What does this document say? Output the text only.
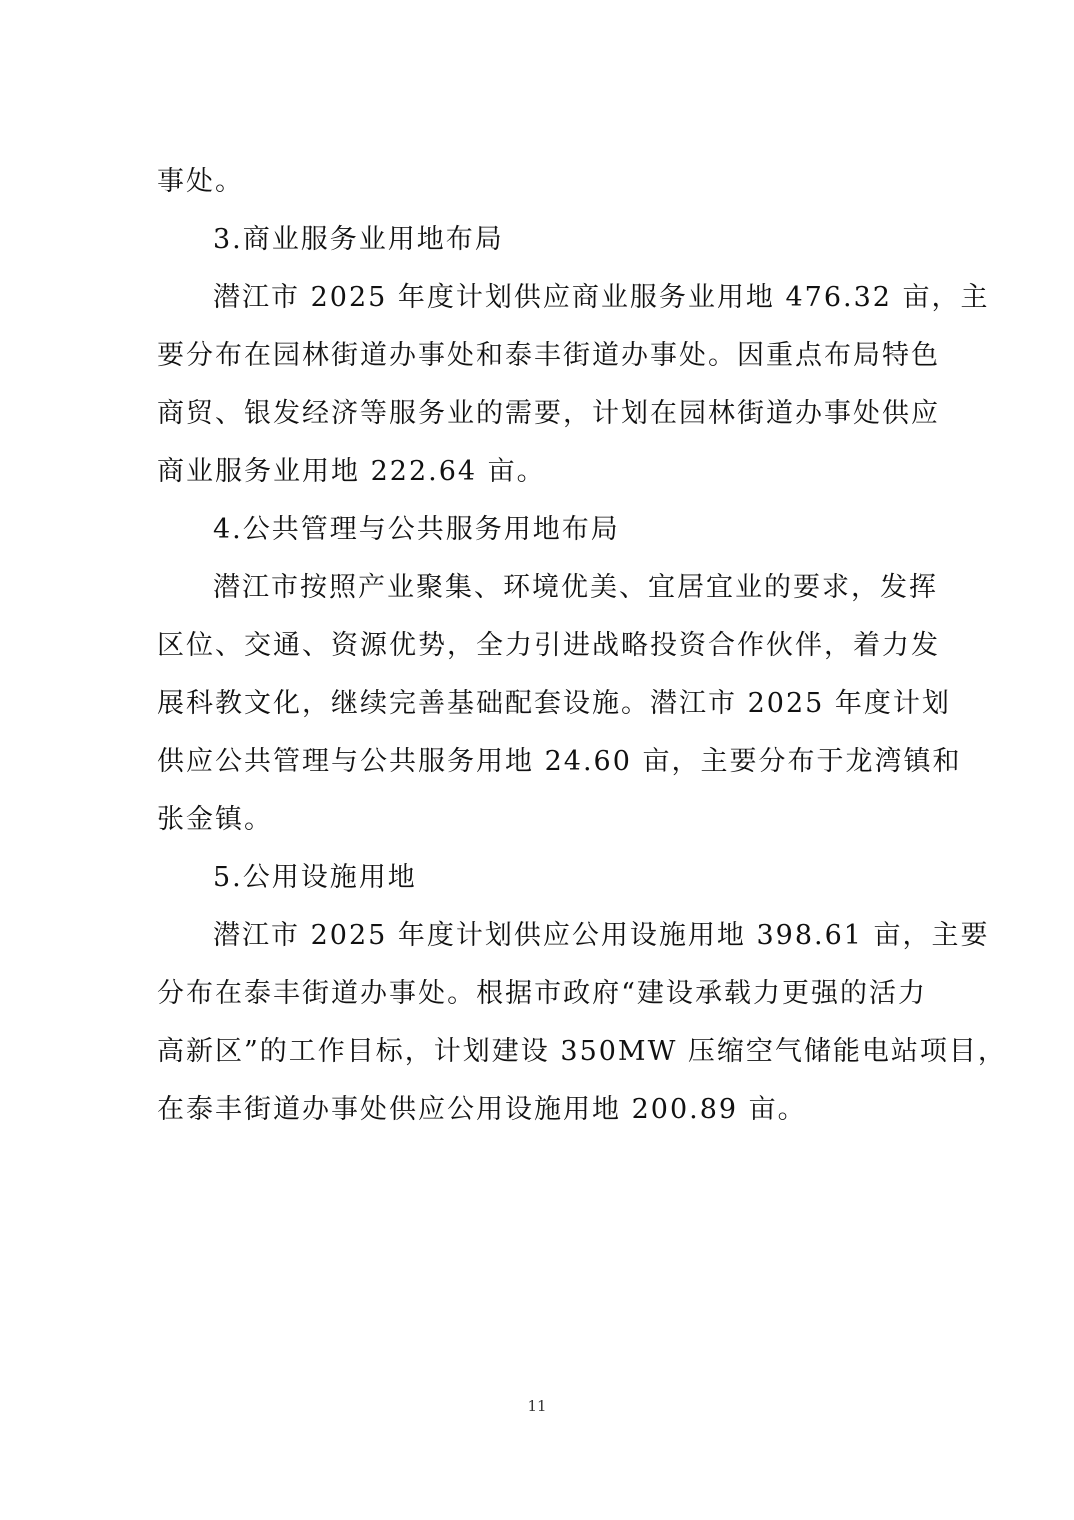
事处。
3.商业服务业用地布局
潜江市 2025 年度计划供应商业服务业用地 476.32 亩，主
要分布在园林街道办事处和泰丰街道办事处。因重点布局特色
商贸、银发经济等服务业的需要，计划在园林街道办事处供应
商业服务业用地 222.64 亩。
4.公共管理与公共服务用地布局
潜江市按照产业聚集、环境优美、宜居宜业的要求，发挥
区位、交通、资源优势，全力引进战略投资合作伙伴，着力发
展科教文化，继续完善基础配套设施。潜江市 2025 年度计划
供应公共管理与公共服务用地 24.60 亩，主要分布于龙湾镇和
张金镇。
5.公用设施用地
潜江市 2025 年度计划供应公用设施用地 398.61 亩，主要
分布在泰丰街道办事处。根据市政府“建设承载力更强的活力
高新区”的工作目标，计划建设 350MW 压缩空气储能电站项目，
在泰丰街道办事处供应公用设施用地 200.89 亩。
11
